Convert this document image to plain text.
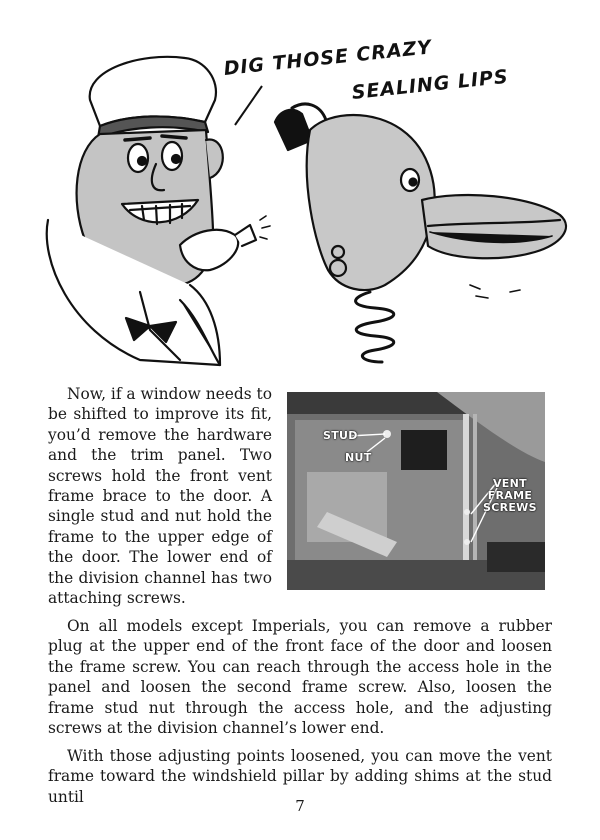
DIG THOSE CRAZY
SEALING LIPS

Now, if a window needs to be shifted to improve its fit, you’d remove the hardware and the trim panel. Two screws hold the front vent frame brace to the door. A single stud and nut hold the frame to the upper edge of the door. The lower end of the division channel has two attaching screws.

STUD
NUT
VENT
FRAME
SCREWS

On all models except Imperials, you can remove a rubber plug at the upper end of the front face of the door and loosen the frame screw. You can reach through the access hole in the panel and loosen the second frame screw. Also, loosen the frame stud nut through the access hole, and the adjusting screws at the division channel’s lower end.

With those adjusting points loosened, you can move the vent frame toward the windshield pillar by adding shims at the stud until

7
